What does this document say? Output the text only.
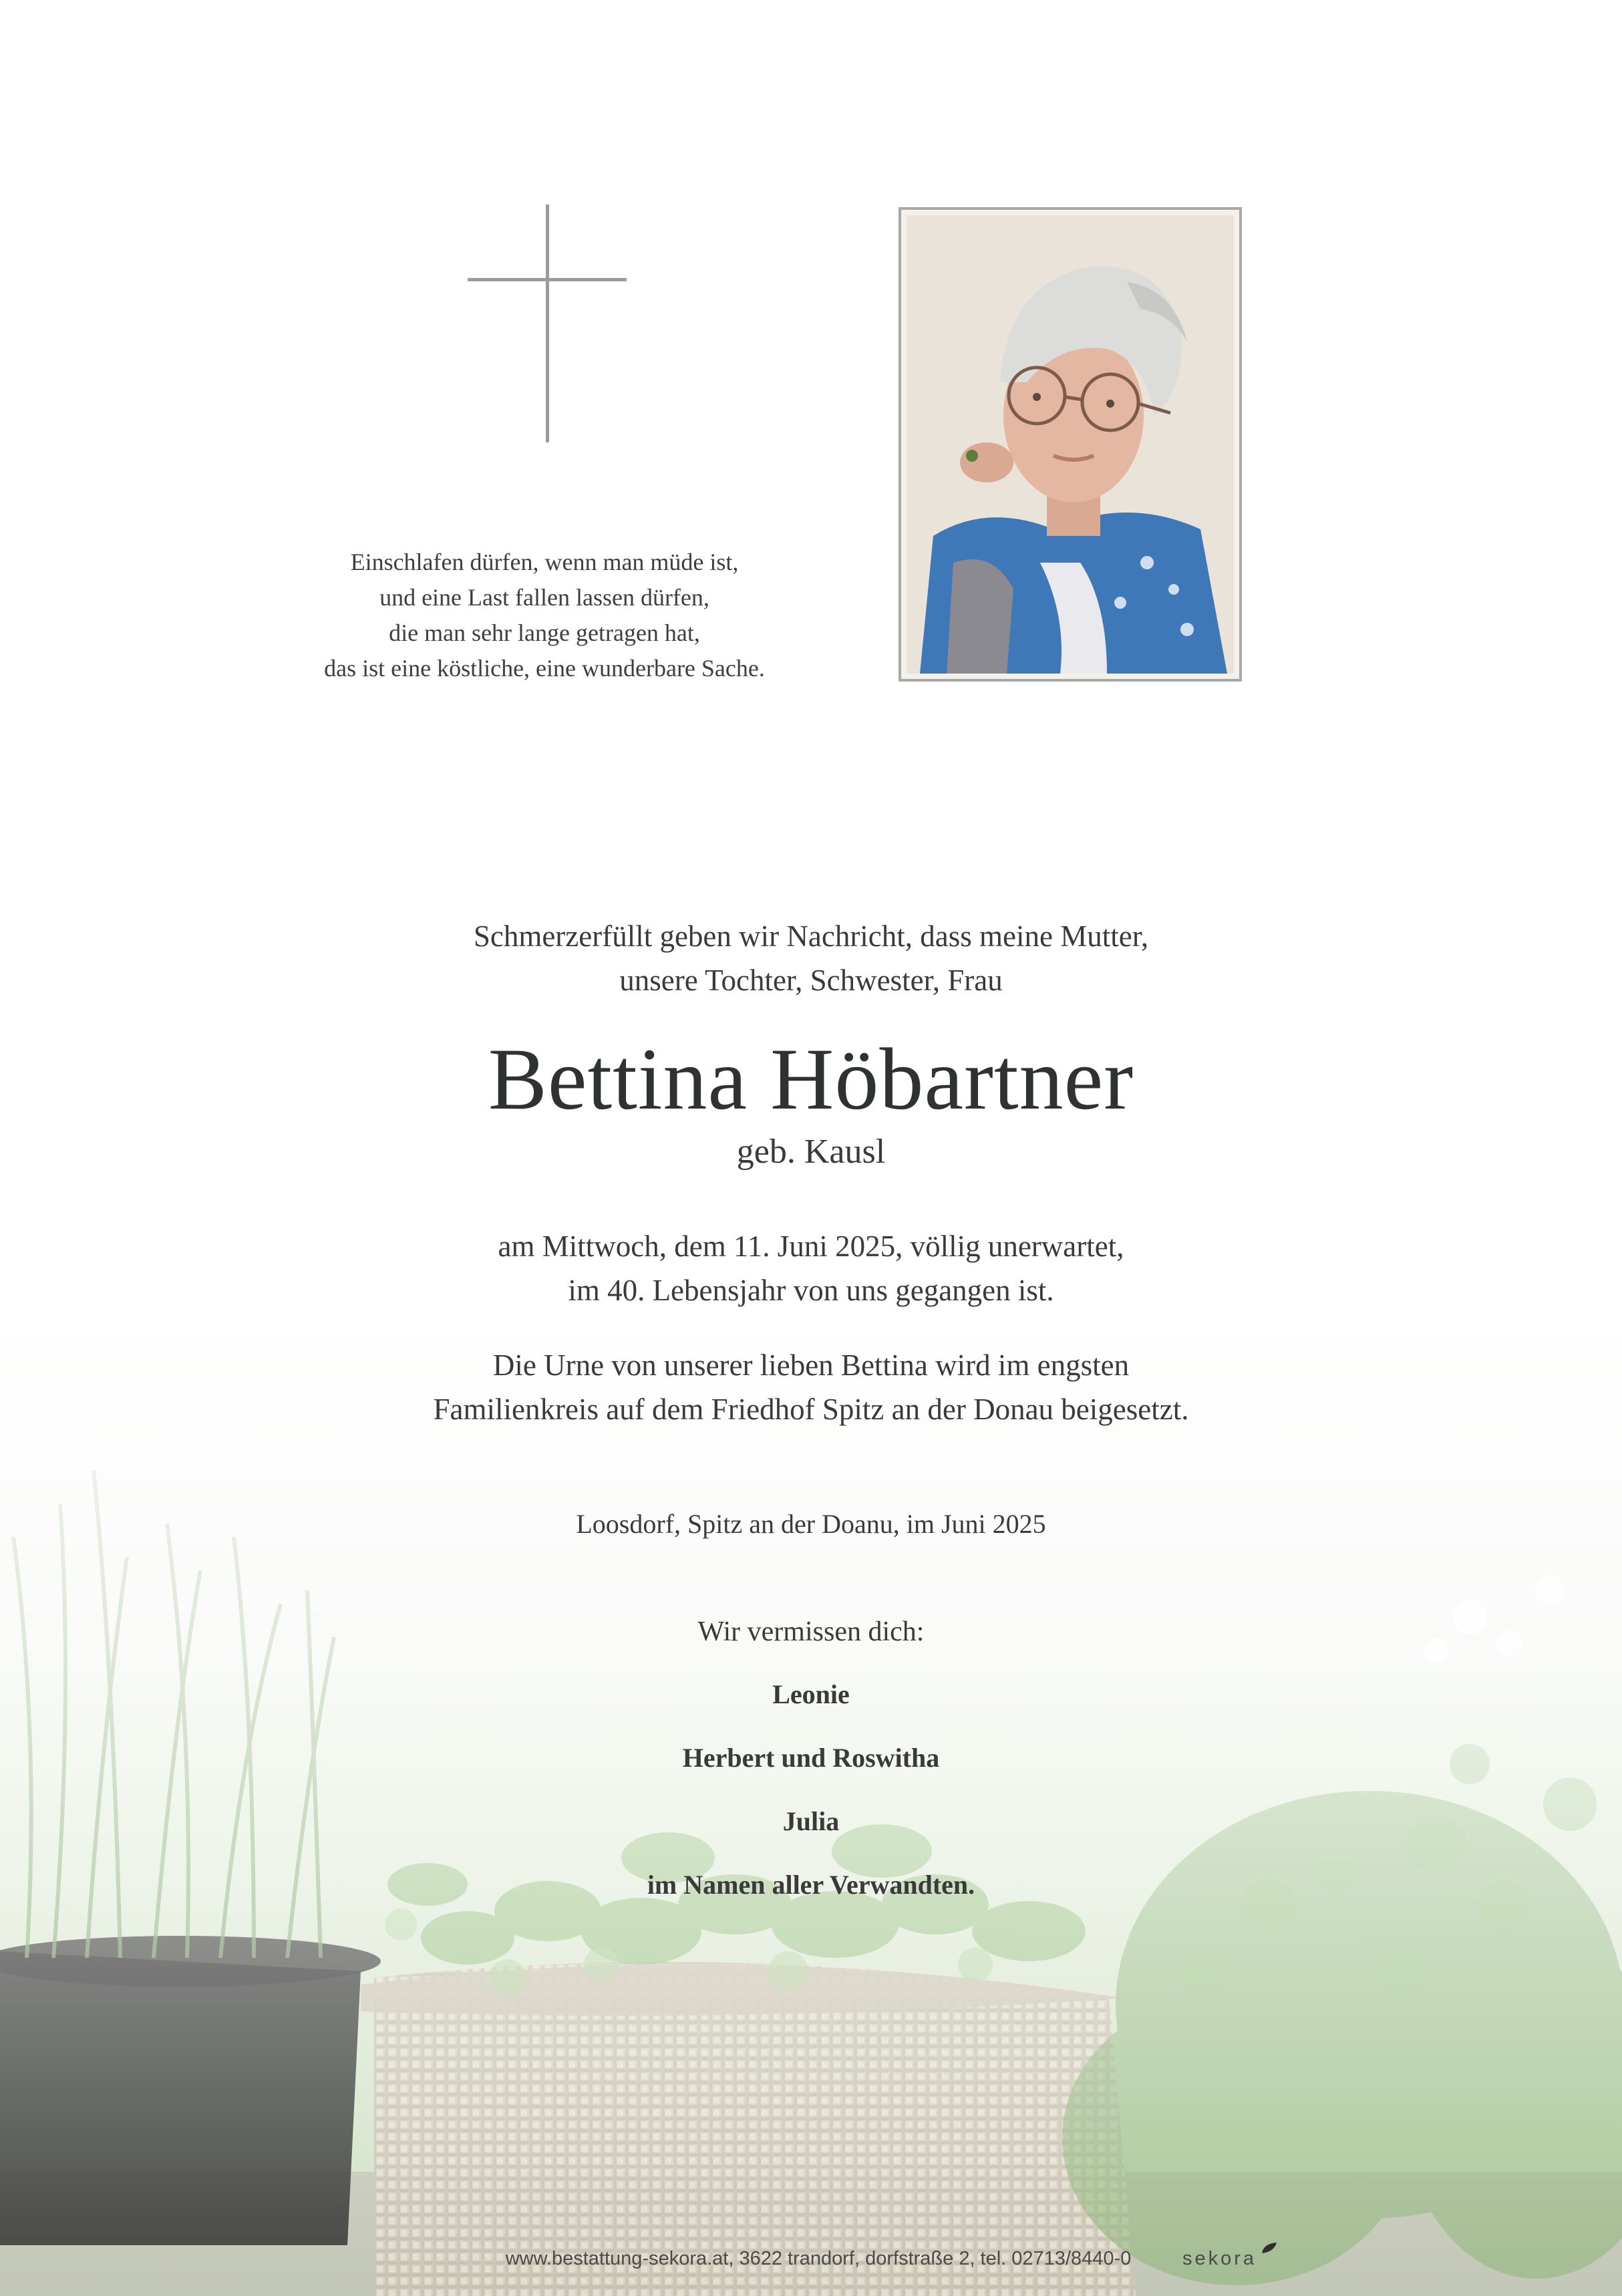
Einschlafen dürfen, wenn man müde ist,
und eine Last fallen lassen dürfen,
die man sehr lange getragen hat,
das ist eine köstliche, eine wunderbare Sache.
Schmerzerfüllt geben wir Nachricht, dass meine Mutter,
unsere Tochter, Schwester, Frau
Bettina Höbartner
geb. Kausl
am Mittwoch, dem 11. Juni 2025, völlig unerwartet,
im 40. Lebensjahr von uns gegangen ist.
Die Urne von unserer lieben Bettina wird im engsten
Familienkreis auf dem Friedhof Spitz an der Donau beigesetzt.
Loosdorf, Spitz an der Doanu, im Juni 2025
Wir vermissen dich:
Leonie
Herbert und Roswitha
Julia
im Namen aller Verwandten.
www.bestattung-sekora.at, 3622 trandorf, dorfstraße 2, tel. 02713/8440-0	sekora
